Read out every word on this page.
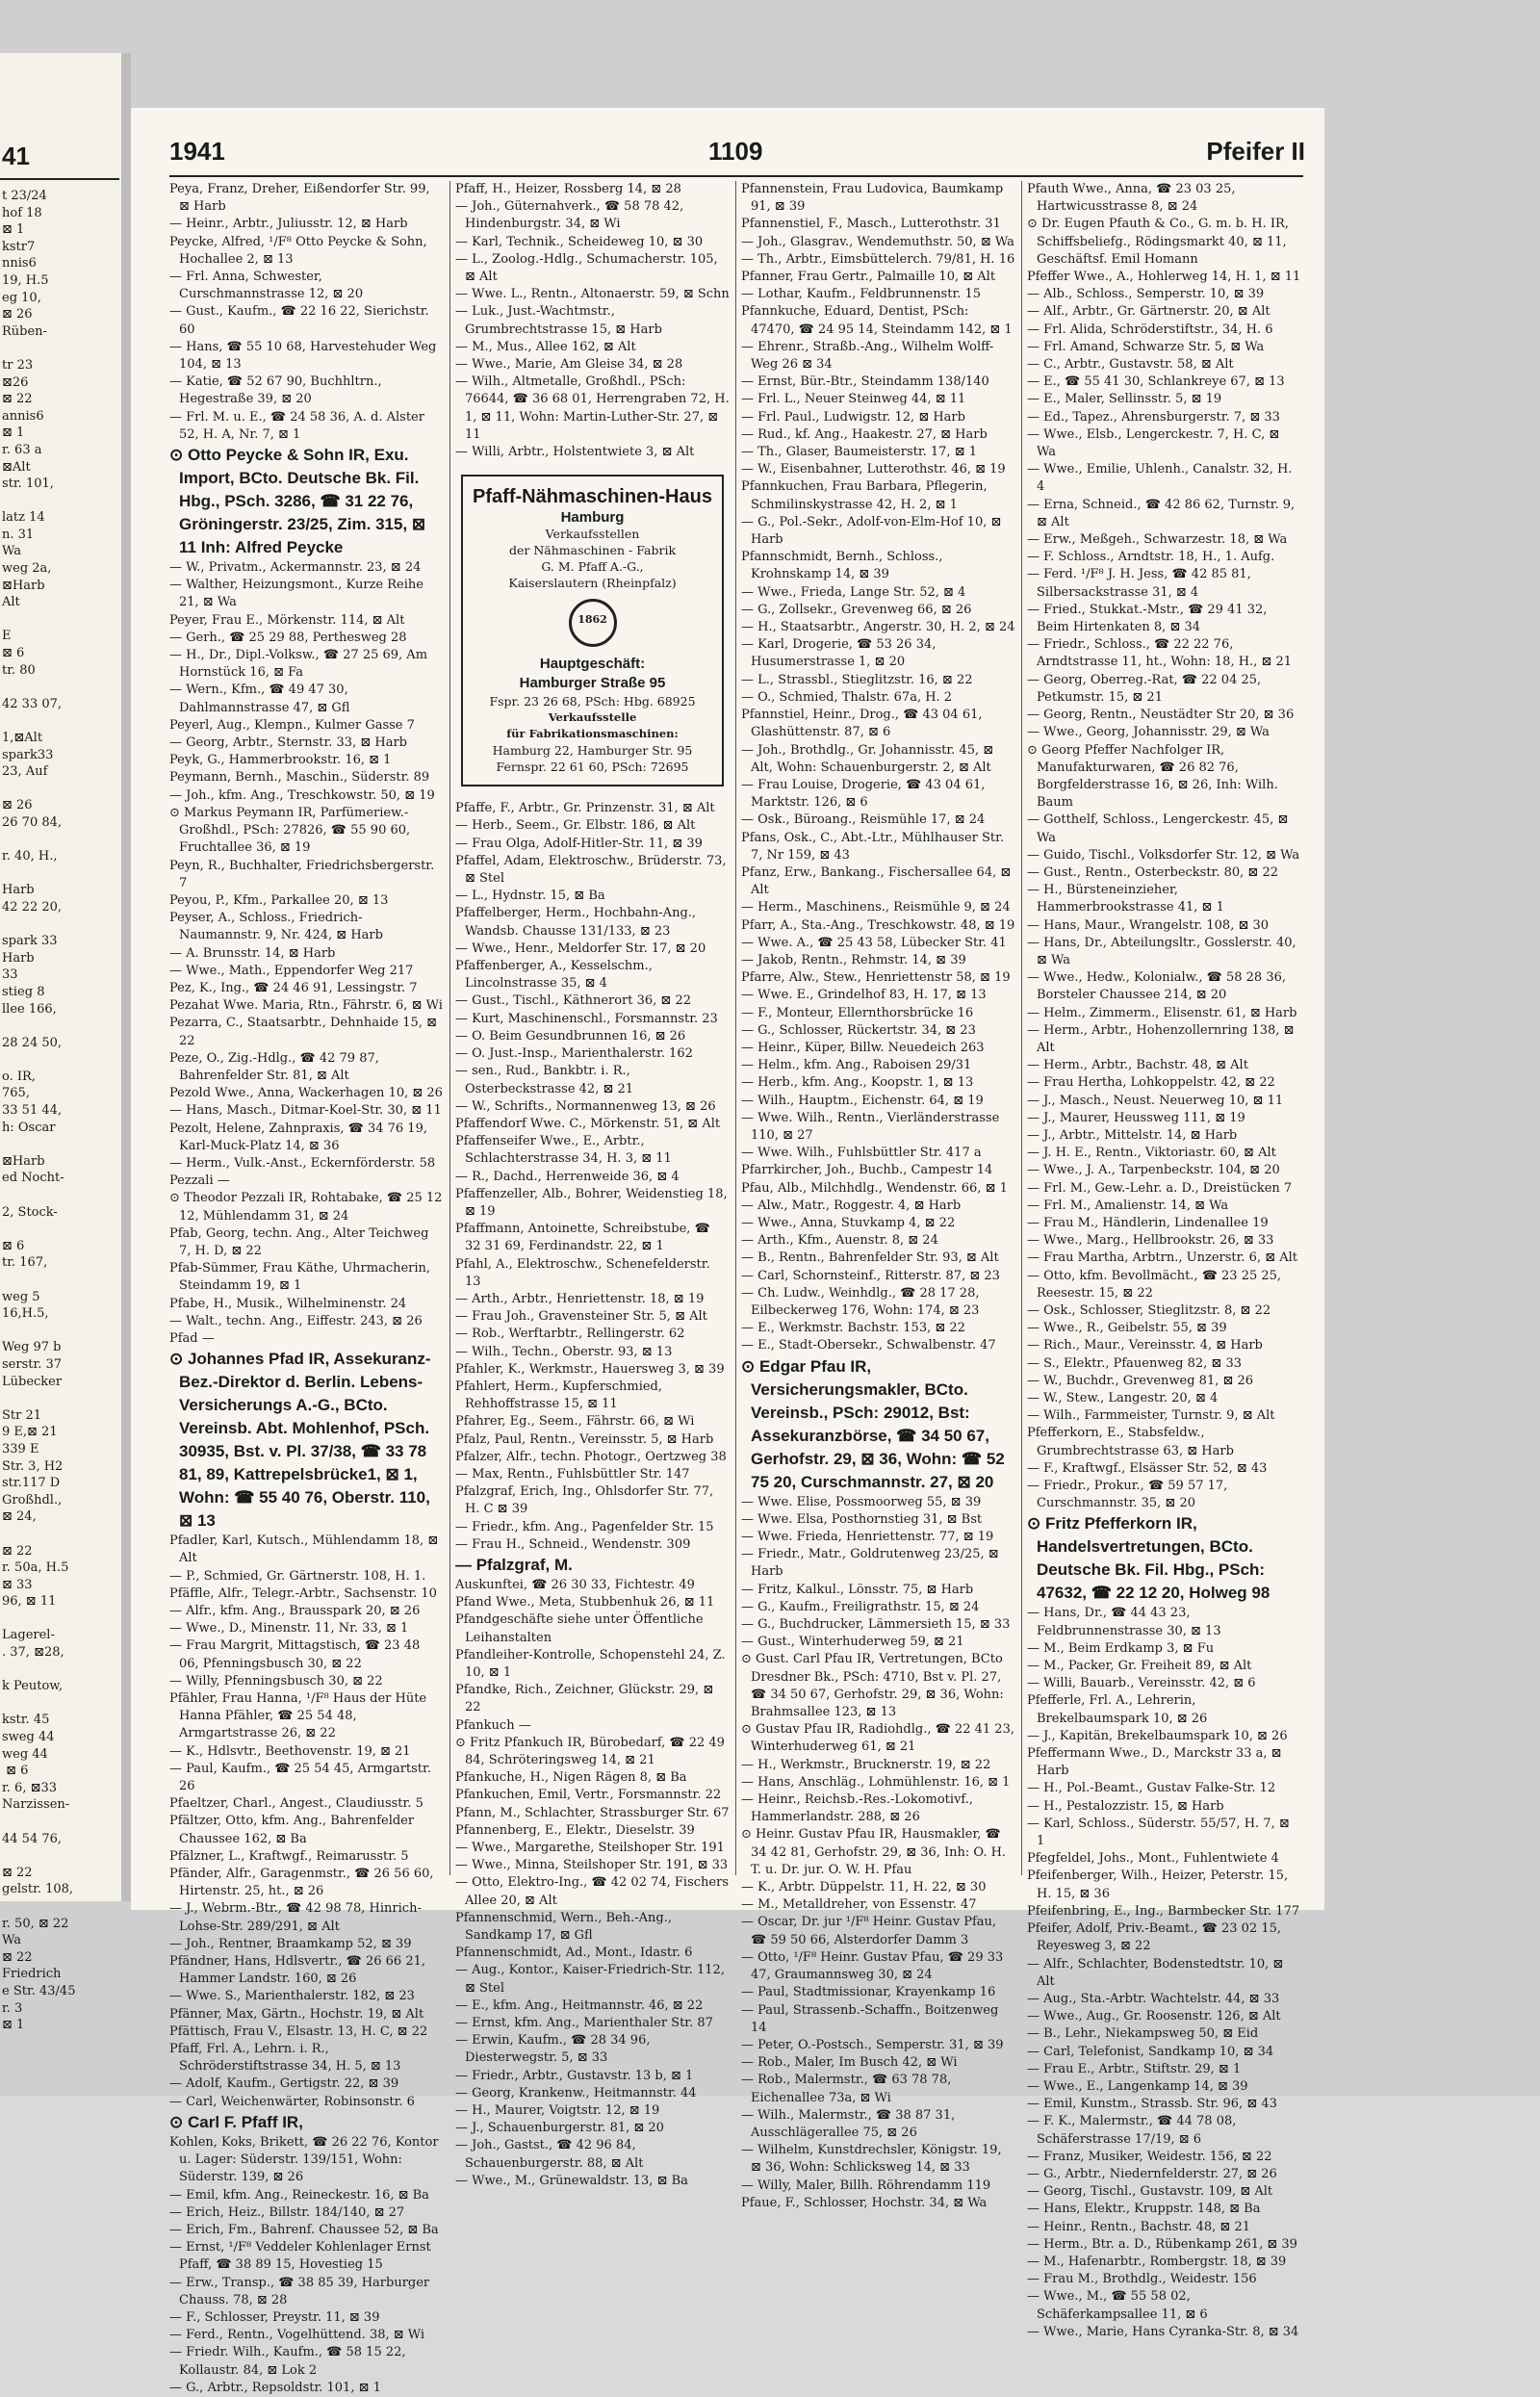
41
t 23/24
hof 18
⊠ 1
kstr7
nnis6
19, H.5
eg 10,
⊠ 26
Rüben-

tr 23
⊠26
⊠ 22
annis6
⊠ 1
r. 63 a
⊠Alt
str. 101,

latz 14
n. 31
Wa
weg 2a,
⊠Harb
Alt

E
⊠ 6
tr. 80

42 33 07,

1,⊠Alt
spark33
23, Auf

⊠ 26
26 70 84,

r. 40, H.,

Harb
42 22 20,

spark 33
Harb
33
stieg 8
llee 166,

28 24 50,

o. IR,
765,
33 51 44,
h: Oscar

⊠Harb
ed Nocht-

2, Stock-

⊠ 6
tr. 167,

weg 5
16,H.5,

Weg 97 b
serstr. 37
Lübecker

Str 21
9 E,⊠ 21
339 E
Str. 3, H2
str.117 D
Großhdl.,
⊠ 24,

⊠ 22
r. 50a, H.5
⊠ 33
96, ⊠ 11

Lagerel-
. 37, ⊠28,

k Peutow,

kstr. 45
sweg 44
weg 44
⊠ 6
r. 6, ⊠33
Narzissen-

44 54 76,

⊠ 22
gelstr. 108,

r. 50, ⊠ 22
Wa
⊠ 22
Friedrich
e Str. 43/45
r. 3
⊠ 1
1941	1109	Pfeifer II

Peya, Franz, Dreher, Eißendorfer Str. 99, ⊠ Harb

— Heinr., Arbtr., Juliusstr. 12, ⊠ Harb

Peycke, Alfred, ¹/F⁸ Otto Peycke & Sohn, Hochallee 2, ⊠ 13

— Frl. Anna, Schwester, Curschmannstrasse 12, ⊠ 20

— Gust., Kaufm., ☎ 22 16 22, Sierichstr. 60

— Hans, ☎ 55 10 68, Harvestehuder Weg 104, ⊠ 13

— Katie, ☎ 52 67 90, Buchhltrn., Hegestraße 39, ⊠ 20

— Frl. M. u. E., ☎ 24 58 36, A. d. Alster 52, H. A, Nr. 7, ⊠ 1

⊙ Otto Peycke & Sohn IR, Exu. Import, BCto. Deutsche Bk. Fil. Hbg., PSch. 3286, ☎ 31 22 76, Gröningerstr. 23/25, Zim. 315, ⊠ 11 Inh: Alfred Peycke

— W., Privatm., Ackermannstr. 23, ⊠ 24

— Walther, Heizungsmont., Kurze Reihe 21, ⊠ Wa

Peyer, Frau E., Mörkenstr. 114, ⊠ Alt

— Gerh., ☎ 25 29 88, Perthesweg 28

— H., Dr., Dipl.-Volksw., ☎ 27 25 69, Am Hornstück 16, ⊠ Fa

— Wern., Kfm., ☎ 49 47 30, Dahlmannstrasse 47, ⊠ Gfl

Peyerl, Aug., Klempn., Kulmer Gasse 7

— Georg, Arbtr., Sternstr. 33, ⊠ Harb

Peyk, G., Hammerbrookstr. 16, ⊠ 1

Peymann, Bernh., Maschin., Süderstr. 89

— Joh., kfm. Ang., Treschkowstr. 50, ⊠ 19

⊙ Markus Peymann IR, Parfümeriew.-Großhdl., PSch: 27826, ☎ 55 90 60, Fruchtallee 36, ⊠ 19

Peyn, R., Buchhalter, Friedrichsbergerstr. 7

Peyou, P., Kfm., Parkallee 20, ⊠ 13

Peyser, A., Schloss., Friedrich-Naumannstr. 9, Nr. 424, ⊠ Harb

— A. Brunsstr. 14, ⊠ Harb

— Wwe., Math., Eppendorfer Weg 217

Pez, K., Ing., ☎ 24 46 91, Lessingstr. 7

Pezahat Wwe. Maria, Rtn., Fährstr. 6, ⊠ Wi

Pezarra, C., Staatsarbtr., Dehnhaide 15, ⊠ 22

Peze, O., Zig.-Hdlg., ☎ 42 79 87, Bahrenfelder Str. 81, ⊠ Alt

Pezold Wwe., Anna, Wackerhagen 10, ⊠ 26

— Hans, Masch., Ditmar-Koel-Str. 30, ⊠ 11

Pezolt, Helene, Zahnpraxis, ☎ 34 76 19, Karl-Muck-Platz 14, ⊠ 36

— Herm., Vulk.-Anst., Eckernförderstr. 58

Pezzali —

⊙ Theodor Pezzali IR, Rohtabake, ☎ 25 12 12, Mühlendamm 31, ⊠ 24

Pfab, Georg, techn. Ang., Alter Teichweg 7, H. D, ⊠ 22

Pfab-Sümmer, Frau Käthe, Uhrmacherin, Steindamm 19, ⊠ 1

Pfabe, H., Musik., Wilhelminenstr. 24

— Walt., techn. Ang., Eiffestr. 243, ⊠ 26

Pfad —

⊙ Johannes Pfad IR, Assekuranz-Bez.-Direktor d. Berlin. Lebens-Versicherungs A.-G., BCto. Vereinsb. Abt. Mohlenhof, PSch. 30935, Bst. v. Pl. 37/38, ☎ 33 78 81, 89, Kattrepelsbrücke1, ⊠ 1, Wohn: ☎ 55 40 76, Oberstr. 110, ⊠ 13

Pfadler, Karl, Kutsch., Mühlendamm 18, ⊠ Alt

— P., Schmied, Gr. Gärtnerstr. 108, H. 1.

Pfäffle, Alfr., Telegr.-Arbtr., Sachsenstr. 10

— Alfr., kfm. Ang., Brausspark 20, ⊠ 26

— Wwe., D., Minenstr. 11, Nr. 33, ⊠ 1

— Frau Margrit, Mittagstisch, ☎ 23 48 06, Pfenningsbusch 30, ⊠ 22

— Willy, Pfenningsbusch 30, ⊠ 22

Pfähler, Frau Hanna, ¹/F⁸ Haus der Hüte Hanna Pfähler, ☎ 25 54 48, Armgartstrasse 26, ⊠ 22

— K., Hdlsvtr., Beethovenstr. 19, ⊠ 21

— Paul, Kaufm., ☎ 25 54 45, Armgartstr. 26

Pfaeltzer, Charl., Angest., Claudiusstr. 5

Pfältzer, Otto, kfm. Ang., Bahrenfelder Chaussee 162, ⊠ Ba

Pfälzner, L., Kraftwgf., Reimarusstr. 5

Pfänder, Alfr., Garagenmstr., ☎ 26 56 60, Hirtenstr. 25, ht., ⊠ 26

— J., Webrm.-Btr., ☎ 42 98 78, Hinrich-Lohse-Str. 289/291, ⊠ Alt

— Joh., Rentner, Braamkamp 52, ⊠ 39

Pfändner, Hans, Hdlsvertr., ☎ 26 66 21, Hammer Landstr. 160, ⊠ 26

— Wwe. S., Marienthalerstr. 182, ⊠ 23

Pfänner, Max, Gärtn., Hochstr. 19, ⊠ Alt

Pfättisch, Frau V., Elsastr. 13, H. C, ⊠ 22

Pfaff, Frl. A., Lehrn. i. R., Schröderstiftstrasse 34, H. 5, ⊠ 13

— Adolf, Kaufm., Gertigstr. 22, ⊠ 39

— Carl, Weichenwärter, Robinsonstr. 6

⊙ Carl F. Pfaff IR,

Kohlen, Koks, Brikett, ☎ 26 22 76, Kontor u. Lager: Süderstr. 139/151, Wohn: Süderstr. 139, ⊠ 26

— Emil, kfm. Ang., Reineckestr. 16, ⊠ Ba

— Erich, Heiz., Billstr. 184/140, ⊠ 27

— Erich, Fm., Bahrenf. Chaussee 52, ⊠ Ba

— Ernst, ¹/F⁸ Veddeler Kohlenlager Ernst Pfaff, ☎ 38 89 15, Hovestieg 15

— Erw., Transp., ☎ 38 85 39, Harburger Chauss. 78, ⊠ 28

— F., Schlosser, Preystr. 11, ⊠ 39

— Ferd., Rentn., Vogelhüttend. 38, ⊠ Wi

— Friedr. Wilh., Kaufm., ☎ 58 15 22, Kollaustr. 84, ⊠ Lok 2

— G., Arbtr., Repsoldstr. 101, ⊠ 1

Pfaff, H., Heizer, Rossberg 14, ⊠ 28

— Joh., Güternahverk., ☎ 58 78 42, Hindenburgstr. 34, ⊠ Wi

— Karl, Technik., Scheideweg 10, ⊠ 30

— L., Zoolog.-Hdlg., Schumacherstr. 105, ⊠ Alt

— Wwe. L., Rentn., Altonaerstr. 59, ⊠ Schn

— Luk., Just.-Wachtmstr., Grumbrechtstrasse 15, ⊠ Harb

— M., Mus., Allee 162, ⊠ Alt

— Wwe., Marie, Am Gleise 34, ⊠ 28

— Wilh., Altmetalle, Großhdl., PSch: 76644, ☎ 36 68 01, Herrengraben 72, H. 1, ⊠ 11, Wohn: Martin-Luther-Str. 27, ⊠ 11

— Willi, Arbtr., Holstentwiete 3, ⊠ Alt

Pfaff-Nähmaschinen-Haus
Hamburg
Verkaufsstellen
der Nähmaschinen - Fabrik
G. M. Pfaff A.-G.,
Kaiserslautern (Rheinpfalz)
1862
Hauptgeschäft:
Hamburger Straße 95
Fspr. 23 26 68, PSch: Hbg. 68925
Verkaufsstelle
für Fabrikationsmaschinen:
Hamburg 22, Hamburger Str. 95
Fernspr. 22 61 60, PSch: 72695

Pfaffe, F., Arbtr., Gr. Prinzenstr. 31, ⊠ Alt

— Herb., Seem., Gr. Elbstr. 186, ⊠ Alt

— Frau Olga, Adolf-Hitler-Str. 11, ⊠ 39

Pfaffel, Adam, Elektroschw., Brüderstr. 73, ⊠ Stel

— L., Hydnstr. 15, ⊠ Ba

Pfaffelberger, Herm., Hochbahn-Ang., Wandsb. Chausse 131/133, ⊠ 23

— Wwe., Henr., Meldorfer Str. 17, ⊠ 20

Pfaffenberger, A., Kesselschm., Lincolnstrasse 35, ⊠ 4

— Gust., Tischl., Käthnerort 36, ⊠ 22

— Kurt, Maschinenschl., Forsmannstr. 23

— O. Beim Gesundbrunnen 16, ⊠ 26

— O. Just.-Insp., Marienthalerstr. 162

— sen., Rud., Bankbtr. i. R., Osterbeckstrasse 42, ⊠ 21

— W., Schrifts., Normannenweg 13, ⊠ 26

Pfaffendorf Wwe. C., Mörkenstr. 51, ⊠ Alt

Pfaffenseifer Wwe., E., Arbtr., Schlachterstrasse 34, H. 3, ⊠ 11

— R., Dachd., Herrenweide 36, ⊠ 4

Pfaffenzeller, Alb., Bohrer, Weidenstieg 18, ⊠ 19

Pfaffmann, Antoinette, Schreibstube, ☎ 32 31 69, Ferdinandstr. 22, ⊠ 1

Pfahl, A., Elektroschw., Schenefelderstr. 13

— Arth., Arbtr., Henriettenstr. 18, ⊠ 19

— Frau Joh., Gravensteiner Str. 5, ⊠ Alt

— Rob., Werftarbtr., Rellingerstr. 62

— Wilh., Techn., Oberstr. 93, ⊠ 13

Pfahler, K., Werkmstr., Hauersweg 3, ⊠ 39

Pfahlert, Herm., Kupferschmied, Rehhoffstrasse 15, ⊠ 11

Pfahrer, Eg., Seem., Fährstr. 66, ⊠ Wi

Pfalz, Paul, Rentn., Vereinsstr. 5, ⊠ Harb

Pfalzer, Alfr., techn. Photogr., Oertzweg 38

— Max, Rentn., Fuhlsbüttler Str. 147

Pfalzgraf, Erich, Ing., Ohlsdorfer Str. 77, H. C ⊠ 39

— Friedr., kfm. Ang., Pagenfelder Str. 15

— Frau H., Schneid., Wendenstr. 309

— Pfalzgraf, M.

Auskunftei, ☎ 26 30 33, Fichtestr. 49

Pfand Wwe., Meta, Stubbenhuk 26, ⊠ 11

Pfandgeschäfte siehe unter Öffentliche Leihanstalten

Pfandleiher-Kontrolle, Schopenstehl 24, Z. 10, ⊠ 1

Pfandke, Rich., Zeichner, Glückstr. 29, ⊠ 22

Pfankuch —

⊙ Fritz Pfankuch IR, Bürobedarf, ☎ 22 49 84, Schröteringsweg 14, ⊠ 21

Pfankuche, H., Nigen Rägen 8, ⊠ Ba

Pfankuchen, Emil, Vertr., Forsmannstr. 22

Pfann, M., Schlachter, Strassburger Str. 67

Pfannenberg, E., Elektr., Dieselstr. 39

— Wwe., Margarethe, Steilshoper Str. 191

— Wwe., Minna, Steilshoper Str. 191, ⊠ 33

— Otto, Elektro-Ing., ☎ 42 02 74, Fischers Allee 20, ⊠ Alt

Pfannenschmid, Wern., Beh.-Ang., Sandkamp 17, ⊠ Gfl

Pfannenschmidt, Ad., Mont., Idastr. 6

— Aug., Kontor., Kaiser-Friedrich-Str. 112, ⊠ Stel

— E., kfm. Ang., Heitmannstr. 46, ⊠ 22

— Ernst, kfm. Ang., Marienthaler Str. 87

— Erwin, Kaufm., ☎ 28 34 96, Diesterwegstr. 5, ⊠ 33

— Friedr., Arbtr., Gustavstr. 13 b, ⊠ 1

— Georg, Krankenw., Heitmannstr. 44

— H., Maurer, Voigtstr. 12, ⊠ 19

— J., Schauenburgerstr. 81, ⊠ 20

— Joh., Gastst., ☎ 42 96 84, Schauenburgerstr. 88, ⊠ Alt

— Wwe., M., Grünewaldstr. 13, ⊠ Ba

Pfannenstein, Frau Ludovica, Baumkamp 91, ⊠ 39

Pfannenstiel, F., Masch., Lutterothstr. 31

— Joh., Glasgrav., Wendemuthstr. 50, ⊠ Wa

— Th., Arbtr., Eimsbüttelerch. 79/81, H. 16

Pfanner, Frau Gertr., Palmaille 10, ⊠ Alt

— Lothar, Kaufm., Feldbrunnenstr. 15

Pfannkuche, Eduard, Dentist, PSch: 47470, ☎ 24 95 14, Steindamm 142, ⊠ 1

— Ehrenr., Straßb.-Ang., Wilhelm Wolff-Weg 26 ⊠ 34

— Ernst, Bür.-Btr., Steindamm 138/140

— Frl. L., Neuer Steinweg 44, ⊠ 11

— Frl. Paul., Ludwigstr. 12, ⊠ Harb

— Rud., kf. Ang., Haakestr. 27, ⊠ Harb

— Th., Glaser, Baumeisterstr. 17, ⊠ 1

— W., Eisenbahner, Lutterothstr. 46, ⊠ 19

Pfannkuchen, Frau Barbara, Pflegerin, Schmilinskystrasse 42, H. 2, ⊠ 1

— G., Pol.-Sekr., Adolf-von-Elm-Hof 10, ⊠ Harb

Pfannschmidt, Bernh., Schloss., Krohnskamp 14, ⊠ 39

— Wwe., Frieda, Lange Str. 52, ⊠ 4

— G., Zollsekr., Grevenweg 66, ⊠ 26

— H., Staatsarbtr., Angerstr. 30, H. 2, ⊠ 24

— Karl, Drogerie, ☎ 53 26 34, Husumerstrasse 1, ⊠ 20

— L., Strassbl., Stieglitzstr. 16, ⊠ 22

— O., Schmied, Thalstr. 67a, H. 2

Pfannstiel, Heinr., Drog., ☎ 43 04 61, Glashüttenstr. 87, ⊠ 6

— Joh., Brothdlg., Gr. Johannisstr. 45, ⊠ Alt, Wohn: Schauenburgerstr. 2, ⊠ Alt

— Frau Louise, Drogerie, ☎ 43 04 61, Marktstr. 126, ⊠ 6

— Osk., Büroang., Reismühle 17, ⊠ 24

Pfans, Osk., C., Abt.-Ltr., Mühlhauser Str. 7, Nr 159, ⊠ 43

Pfanz, Erw., Bankang., Fischersallee 64, ⊠ Alt

— Herm., Maschinens., Reismühle 9, ⊠ 24

Pfarr, A., Sta.-Ang., Treschkowstr. 48, ⊠ 19

— Wwe. A., ☎ 25 43 58, Lübecker Str. 41

— Jakob, Rentn., Rehmstr. 14, ⊠ 39

Pfarre, Alw., Stew., Henriettenstr 58, ⊠ 19

— Wwe. E., Grindelhof 83, H. 17, ⊠ 13

— F., Monteur, Ellernthorsbrücke 16

— G., Schlosser, Rückertstr. 34, ⊠ 23

— Heinr., Küper, Billw. Neuedeich 263

— Helm., kfm. Ang., Raboisen 29/31

— Herb., kfm. Ang., Koopstr. 1, ⊠ 13

— Wilh., Hauptm., Eichenstr. 64, ⊠ 19

— Wwe. Wilh., Rentn., Vierländerstrasse 110, ⊠ 27

— Wwe. Wilh., Fuhlsbüttler Str. 417 a

Pfarrkircher, Joh., Buchb., Campestr 14

Pfau, Alb., Milchhdlg., Wendenstr. 66, ⊠ 1

— Alw., Matr., Roggestr. 4, ⊠ Harb

— Wwe., Anna, Stuvkamp 4, ⊠ 22

— Arth., Kfm., Auenstr. 8, ⊠ 24

— B., Rentn., Bahrenfelder Str. 93, ⊠ Alt

— Carl, Schornsteinf., Ritterstr. 87, ⊠ 23

— Ch. Ludw., Weinhdlg., ☎ 28 17 28, Eilbeckerweg 176, Wohn: 174, ⊠ 23

— E., Werkmstr. Bachstr. 153, ⊠ 22

— E., Stadt-Obersekr., Schwalbenstr. 47

⊙ Edgar Pfau IR, Versicherungsmakler, BCto. Vereinsb., PSch: 29012, Bst: Assekuranzbörse, ☎ 34 50 67, Gerhofstr. 29, ⊠ 36, Wohn: ☎ 52 75 20, Curschmannstr. 27, ⊠ 20

— Wwe. Elise, Possmoorweg 55, ⊠ 39

— Wwe. Elsa, Posthornstieg 31, ⊠ Bst

— Wwe. Frieda, Henriettenstr. 77, ⊠ 19

— Friedr., Matr., Goldrutenweg 23/25, ⊠ Harb

— Fritz, Kalkul., Lönsstr. 75, ⊠ Harb

— G., Kaufm., Freiligrathstr. 15, ⊠ 24

— G., Buchdrucker, Lämmersieth 15, ⊠ 33

— Gust., Winterhuderweg 59, ⊠ 21

⊙ Gust. Carl Pfau IR, Vertretungen, BCto Dresdner Bk., PSch: 4710, Bst v. Pl. 27, ☎ 34 50 67, Gerhofstr. 29, ⊠ 36, Wohn: Brahmsallee 123, ⊠ 13

⊙ Gustav Pfau IR, Radiohdlg., ☎ 22 41 23, Winterhuderweg 61, ⊠ 21

— H., Werkmstr., Brucknerstr. 19, ⊠ 22

— Hans, Anschläg., Lohmühlenstr. 16, ⊠ 1

— Heinr., Reichsb.-Res.-Lokomotivf., Hammerlandstr. 288, ⊠ 26

⊙ Heinr. Gustav Pfau IR, Hausmakler, ☎ 34 42 81, Gerhofstr. 29, ⊠ 36, Inh: O. H. T. u. Dr. jur. O. W. H. Pfau

— K., Arbtr. Düppelstr. 11, H. 22, ⊠ 30

— M., Metalldreher, von Essenstr. 47

— Oscar, Dr. jur ¹/F⁸ Heinr. Gustav Pfau, ☎ 59 50 66, Alsterdorfer Damm 3

— Otto, ¹/F⁸ Heinr. Gustav Pfau, ☎ 29 33 47, Graumannsweg 30, ⊠ 24

— Paul, Stadtmissionar, Krayenkamp 16

— Paul, Strassenb.-Schaffn., Boitzenweg 14

— Peter, O.-Postsch., Semperstr. 31, ⊠ 39

— Rob., Maler, Im Busch 42, ⊠ Wi

— Rob., Malermstr., ☎ 63 78 78, Eichenallee 73a, ⊠ Wi

— Wilh., Malermstr., ☎ 38 87 31, Ausschlägerallee 75, ⊠ 26

— Wilhelm, Kunstdrechsler, Königstr. 19, ⊠ 36, Wohn: Schlicksweg 14, ⊠ 33

— Willy, Maler, Billh. Röhrendamm 119

Pfaue, F., Schlosser, Hochstr. 34, ⊠ Wa

Pfauth Wwe., Anna, ☎ 23 03 25, Hartwicusstrasse 8, ⊠ 24

⊙ Dr. Eugen Pfauth & Co., G. m. b. H. IR, Schiffsbeliefg., Rödingsmarkt 40, ⊠ 11, Geschäftsf. Emil Homann

Pfeffer Wwe., A., Hohlerweg 14, H. 1, ⊠ 11

— Alb., Schloss., Semperstr. 10, ⊠ 39

— Alf., Arbtr., Gr. Gärtnerstr. 20, ⊠ Alt

— Frl. Alida, Schröderstiftstr., 34, H. 6

— Frl. Amand, Schwarze Str. 5, ⊠ Wa

— C., Arbtr., Gustavstr. 58, ⊠ Alt

— E., ☎ 55 41 30, Schlankreye 67, ⊠ 13

— E., Maler, Sellinsstr. 5, ⊠ 19

— Ed., Tapez., Ahrensburgerstr. 7, ⊠ 33

— Wwe., Elsb., Lengerckestr. 7, H. C, ⊠ Wa

— Wwe., Emilie, Uhlenh., Canalstr. 32, H. 4

— Erna, Schneid., ☎ 42 86 62, Turnstr. 9, ⊠ Alt

— Erw., Meßgeh., Schwarzestr. 18, ⊠ Wa

— F. Schloss., Arndtstr. 18, H., 1. Aufg.

— Ferd. ¹/F⁸ J. H. Jess, ☎ 42 85 81, Silbersackstrasse 31, ⊠ 4

— Fried., Stukkat.-Mstr., ☎ 29 41 32, Beim Hirtenkaten 8, ⊠ 34

— Friedr., Schloss., ☎ 22 22 76, Arndtstrasse 11, ht., Wohn: 18, H., ⊠ 21

— Georg, Oberreg.-Rat, ☎ 22 04 25, Petkumstr. 15, ⊠ 21

— Georg, Rentn., Neustädter Str 20, ⊠ 36

— Wwe., Georg, Johannisstr. 29, ⊠ Wa

⊙ Georg Pfeffer Nachfolger IR, Manufakturwaren, ☎ 26 82 76, Borgfelderstrasse 16, ⊠ 26, Inh: Wilh. Baum

— Gotthelf, Schloss., Lengerckestr. 45, ⊠ Wa

— Guido, Tischl., Volksdorfer Str. 12, ⊠ Wa

— Gust., Rentn., Osterbeckstr. 80, ⊠ 22

— H., Bürsteneinzieher, Hammerbrookstrasse 41, ⊠ 1

— Hans, Maur., Wrangelstr. 108, ⊠ 30

— Hans, Dr., Abteilungsltr., Gosslerstr. 40, ⊠ Wa

— Wwe., Hedw., Kolonialw., ☎ 58 28 36, Borsteler Chaussee 214, ⊠ 20

— Helm., Zimmerm., Elisenstr. 61, ⊠ Harb

— Herm., Arbtr., Hohenzollernring 138, ⊠ Alt

— Herm., Arbtr., Bachstr. 48, ⊠ Alt

— Frau Hertha, Lohkoppelstr. 42, ⊠ 22

— J., Masch., Neust. Neuerweg 10, ⊠ 11

— J., Maurer, Heussweg 111, ⊠ 19

— J., Arbtr., Mittelstr. 14, ⊠ Harb

— J. H. E., Rentn., Viktoriastr. 60, ⊠ Alt

— Wwe., J. A., Tarpenbeckstr. 104, ⊠ 20

— Frl. M., Gew.-Lehr. a. D., Dreistücken 7

— Frl. M., Amalienstr. 14, ⊠ Wa

— Frau M., Händlerin, Lindenallee 19

— Wwe., Marg., Hellbrookstr. 26, ⊠ 33

— Frau Martha, Arbtrn., Unzerstr. 6, ⊠ Alt

— Otto, kfm. Bevollmächt., ☎ 23 25 25, Reesestr. 15, ⊠ 22

— Osk., Schlosser, Stieglitzstr. 8, ⊠ 22

— Wwe., R., Geibelstr. 55, ⊠ 39

— Rich., Maur., Vereinsstr. 4, ⊠ Harb

— S., Elektr., Pfauenweg 82, ⊠ 33

— W., Buchdr., Grevenweg 81, ⊠ 26

— W., Stew., Langestr. 20, ⊠ 4

— Wilh., Farmmeister, Turnstr. 9, ⊠ Alt

Pfefferkorn, E., Stabsfeldw., Grumbrechtstrasse 63, ⊠ Harb

— F., Kraftwgf., Elsässer Str. 52, ⊠ 43

— Friedr., Prokur., ☎ 59 57 17, Curschmannstr. 35, ⊠ 20

⊙ Fritz Pfefferkorn IR, Handelsvertretungen, BCto. Deutsche Bk. Fil. Hbg., PSch: 47632, ☎ 22 12 20, Holweg 98

— Hans, Dr., ☎ 44 43 23, Feldbrunnenstrasse 30, ⊠ 13

— M., Beim Erdkamp 3, ⊠ Fu

— M., Packer, Gr. Freiheit 89, ⊠ Alt

— Willi, Bauarb., Vereinsstr. 42, ⊠ 6

Pfefferle, Frl. A., Lehrerin, Brekelbaumspark 10, ⊠ 26

— J., Kapitän, Brekelbaumspark 10, ⊠ 26

Pfeffermann Wwe., D., Marckstr 33 a, ⊠ Harb

— H., Pol.-Beamt., Gustav Falke-Str. 12

— H., Pestalozzistr. 15, ⊠ Harb

— Karl, Schloss., Süderstr. 55/57, H. 7, ⊠ 1

Pfegfeldel, Johs., Mont., Fuhlentwiete 4

Pfeifenberger, Wilh., Heizer, Peterstr. 15, H. 15, ⊠ 36

Pfeifenbring, E., Ing., Barmbecker Str. 177

Pfeifer, Adolf, Priv.-Beamt., ☎ 23 02 15, Reyesweg 3, ⊠ 22

— Alfr., Schlachter, Bodenstedtstr. 10, ⊠ Alt

— Aug., Sta.-Arbtr. Wachtelstr. 44, ⊠ 33

— Wwe., Aug., Gr. Roosenstr. 126, ⊠ Alt

— B., Lehr., Niekampsweg 50, ⊠ Eid

— Carl, Telefonist, Sandkamp 10, ⊠ 34

— Frau E., Arbtr., Stiftstr. 29, ⊠ 1

— Wwe., E., Langenkamp 14, ⊠ 39

— Emil, Kunstm., Strassb. Str. 96, ⊠ 43

— F. K., Malermstr., ☎ 44 78 08, Schäferstrasse 17/19, ⊠ 6

— Franz, Musiker, Weidestr. 156, ⊠ 22

— G., Arbtr., Niedernfelderstr. 27, ⊠ 26

— Georg, Tischl., Gustavstr. 109, ⊠ Alt

— Hans, Elektr., Kruppstr. 148, ⊠ Ba

— Heinr., Rentn., Bachstr. 48, ⊠ 21

— Herm., Btr. a. D., Rübenkamp 261, ⊠ 39

— M., Hafenarbtr., Rombergstr. 18, ⊠ 39

— Frau M., Brothdlg., Weidestr. 156

— Wwe., M., ☎ 55 58 02, Schäferkampsallee 11, ⊠ 6

— Wwe., Marie, Hans Cyranka-Str. 8, ⊠ 34
